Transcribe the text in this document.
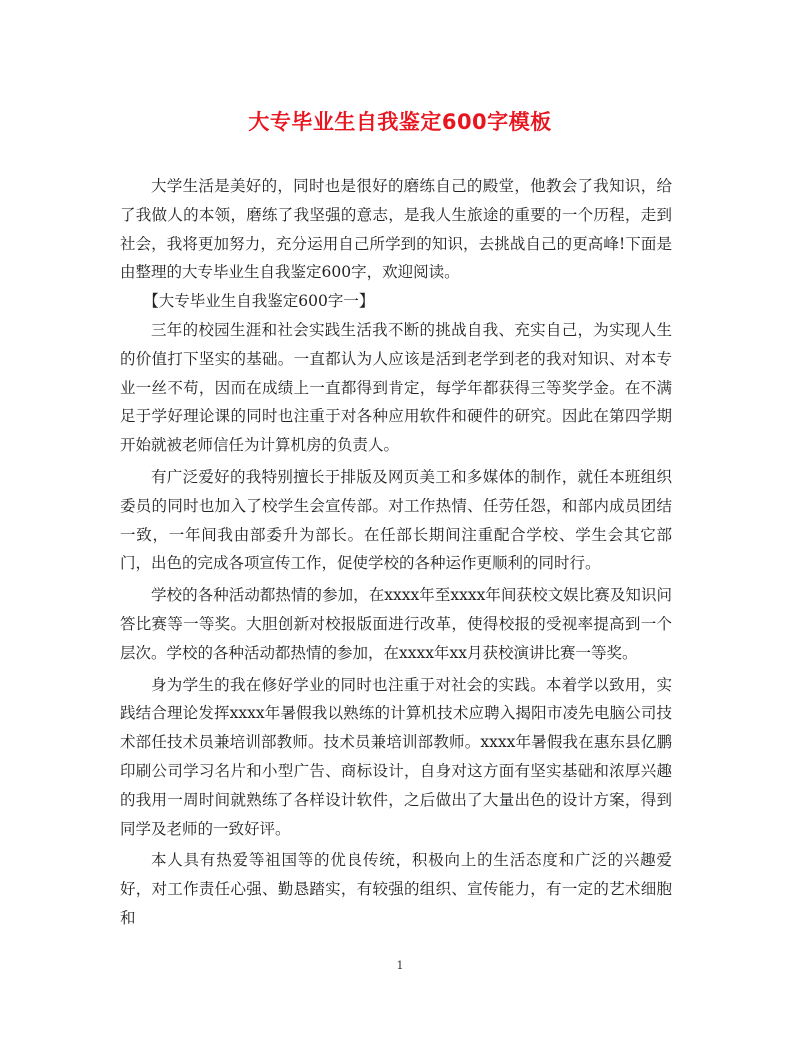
大专毕业生自我鉴定600字模板

大学生活是美好的，同时也是很好的磨练自己的殿堂，他教会了我知识，给了我做人的本领，磨练了我坚强的意志，是我人生旅途的重要的一个历程，走到社会，我将更加努力，充分运用自己所学到的知识，去挑战自己的更高峰!下面是由整理的大专毕业生自我鉴定600字，欢迎阅读。

【大专毕业生自我鉴定600字一】

三年的校园生涯和社会实践生活我不断的挑战自我、充实自己，为实现人生的价值打下坚实的基础。一直都认为人应该是活到老学到老的我对知识、对本专业一丝不苟，因而在成绩上一直都得到肯定，每学年都获得三等奖学金。在不满足于学好理论课的同时也注重于对各种应用软件和硬件的研究。因此在第四学期开始就被老师信任为计算机房的负责人。

有广泛爱好的我特别擅长于排版及网页美工和多媒体的制作，就任本班组织委员的同时也加入了校学生会宣传部。对工作热情、任劳任怨，和部内成员团结一致，一年间我由部委升为部长。在任部长期间注重配合学校、学生会其它部门，出色的完成各项宣传工作，促使学校的各种运作更顺利的同时行。

学校的各种活动都热情的参加，在xxxx年至xxxx年间获校文娱比赛及知识问答比赛等一等奖。大胆创新对校报版面进行改革，使得校报的受视率提高到一个层次。学校的各种活动都热情的参加，在xxxx年xx月获校演讲比赛一等奖。

身为学生的我在修好学业的同时也注重于对社会的实践。本着学以致用，实践结合理论发挥xxxx年暑假我以熟练的计算机技术应聘入揭阳市凌先电脑公司技术部任技术员兼培训部教师。技术员兼培训部教师。xxxx年暑假我在惠东县亿鹏印刷公司学习名片和小型广告、商标设计，自身对这方面有坚实基础和浓厚兴趣的我用一周时间就熟练了各样设计软件，之后做出了大量出色的设计方案，得到同学及老师的一致好评。

本人具有热爱等祖国等的优良传统，积极向上的生活态度和广泛的兴趣爱好，对工作责任心强、勤恳踏实，有较强的组织、宣传能力，有一定的艺术细胞和

1
